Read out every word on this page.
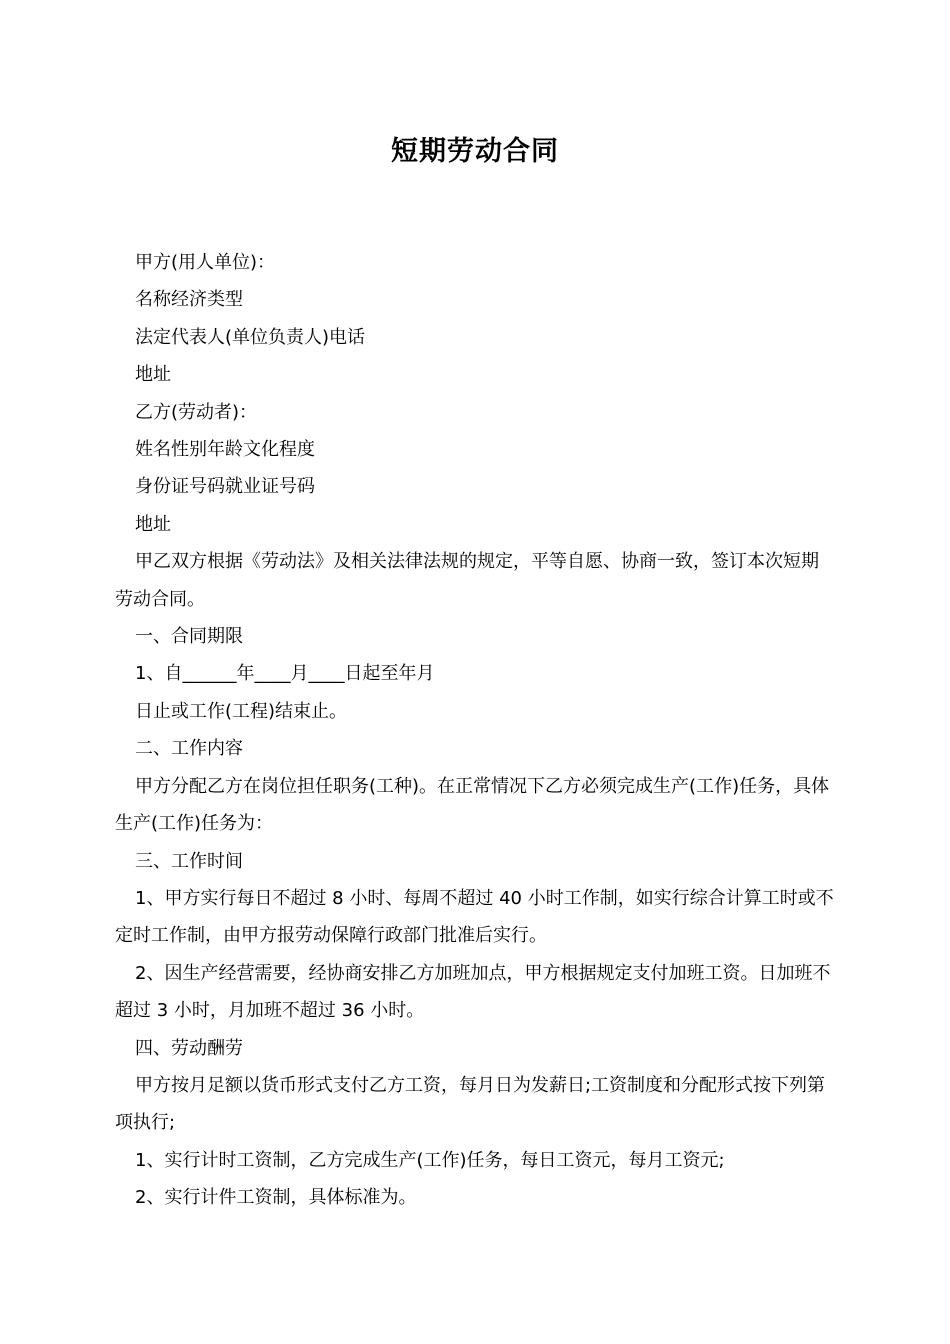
短期劳动合同

甲方(用人单位)：

名称经济类型

法定代表人(单位负责人)电话

地址

乙方(劳动者)：

姓名性别年龄文化程度

身份证号码就业证号码

地址

甲乙双方根据《劳动法》及相关法律法规的规定，平等自愿、协商一致，签订本次短期劳动合同。

一、合同期限

1、自______年____月____日起至年月

日止或工作(工程)结束止。

二、工作内容

甲方分配乙方在岗位担任职务(工种)。在正常情况下乙方必须完成生产(工作)任务，具体生产(工作)任务为：

三、工作时间

1、甲方实行每日不超过 8 小时、每周不超过 40 小时工作制，如实行综合计算工时或不定时工作制，由甲方报劳动保障行政部门批准后实行。

2、因生产经营需要，经协商安排乙方加班加点，甲方根据规定支付加班工资。日加班不超过 3 小时，月加班不超过 36 小时。

四、劳动酬劳

甲方按月足额以货币形式支付乙方工资，每月日为发薪日;工资制度和分配形式按下列第项执行;

1、实行计时工资制，乙方完成生产(工作)任务，每日工资元，每月工资元;

2、实行计件工资制，具体标准为。
